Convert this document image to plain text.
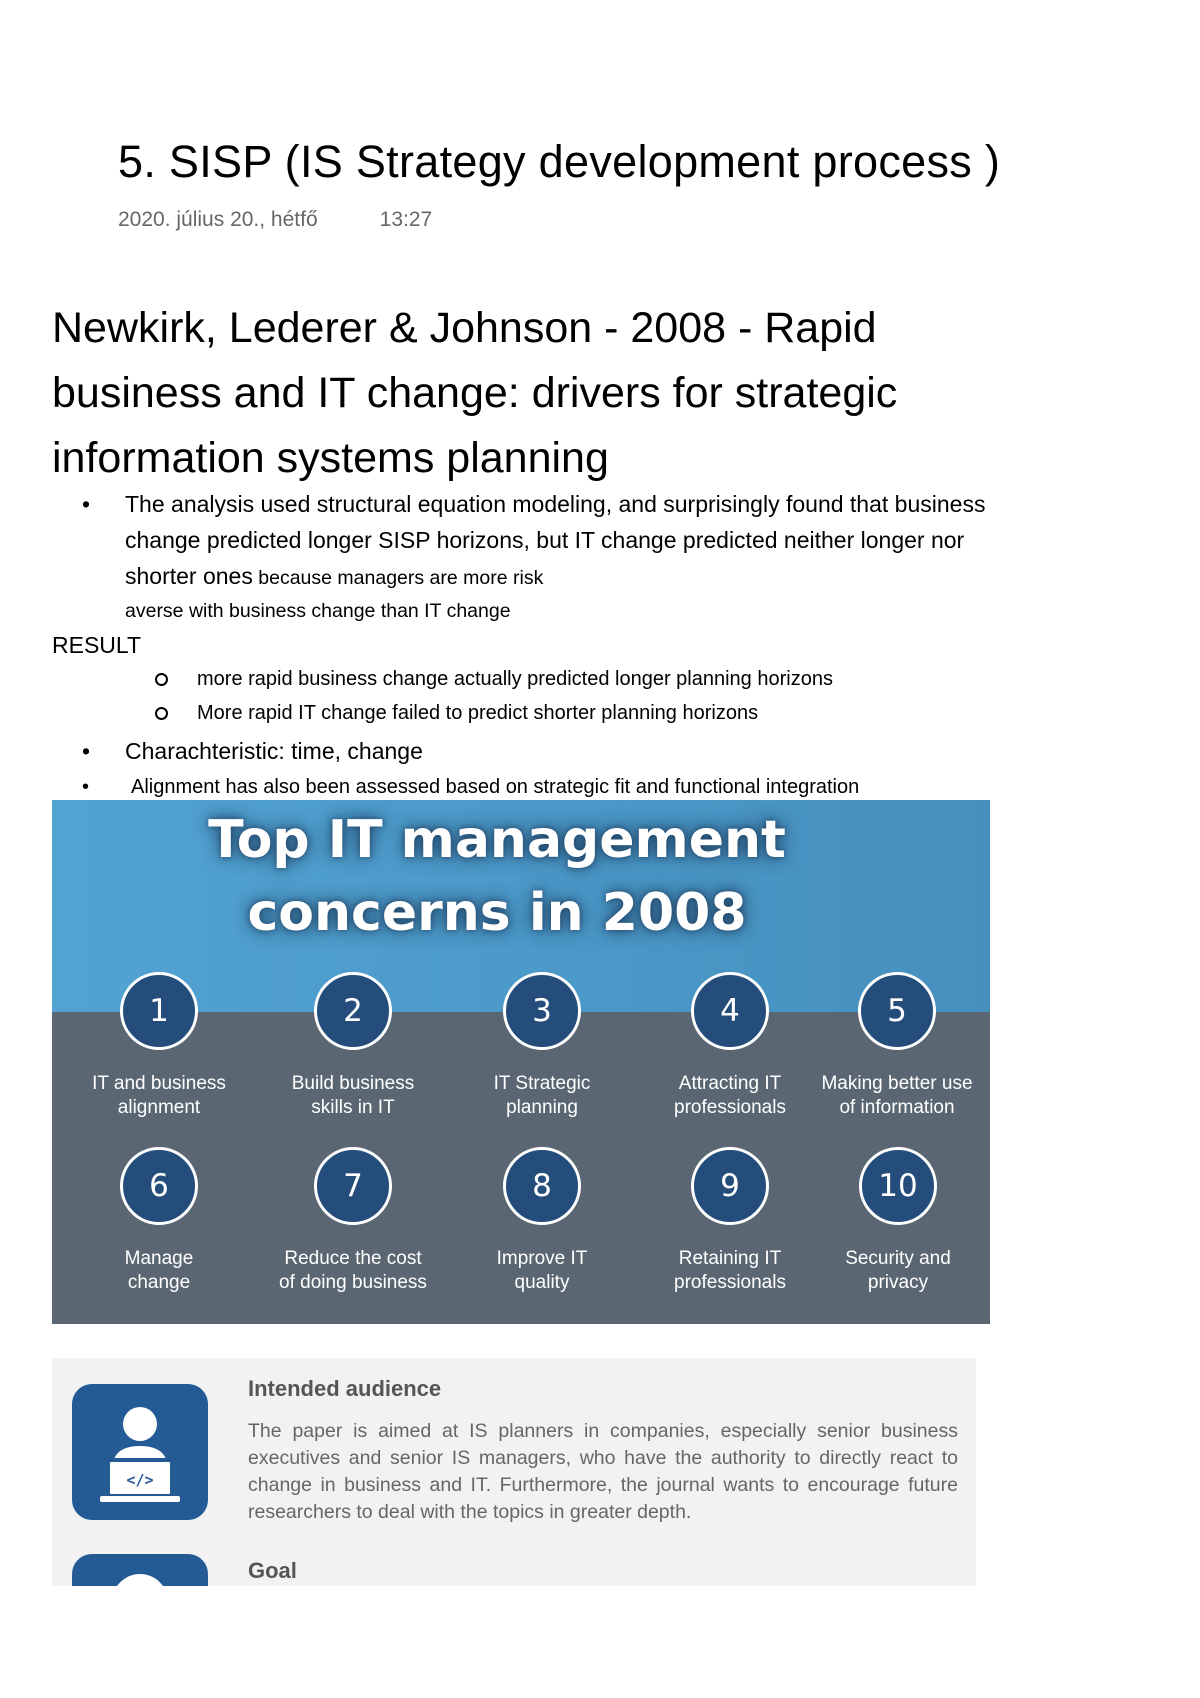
5. SISP (IS Strategy development process )
2020. július 20., hétfő	13:27
Newkirk, Lederer & Johnson - 2008 - Rapid business and IT change: drivers for strategic information systems planning
• The analysis used structural equation modeling, and surprisingly found that business change predicted longer SISP horizons, but IT change predicted neither longer nor shorter ones because managers are more risk
averse with business change than IT change
RESULT
more rapid business change actually predicted longer planning horizons
More rapid IT change failed to predict shorter planning horizons
• Charachteristic: time, change
• Alignment has also been assessed based on strategic fit and functional integration
Top IT management
concerns in 2008
1
IT and business
alignment
2
Build business
skills in IT
3
IT Strategic
planning
4
Attracting IT
professionals
5
Making better use
of information
6
Manage
change
7
Reduce the cost
of doing business
8
Improve IT
quality
9
Retaining IT
professionals
10
Security and
privacy
</>
Intended audience
The paper is aimed at IS planners in companies, especially senior business executives and senior IS managers, who have the authority to directly react to change in business and IT. Furthermore, the journal wants to encourage future researchers to deal with the topics in greater depth.
Goal
